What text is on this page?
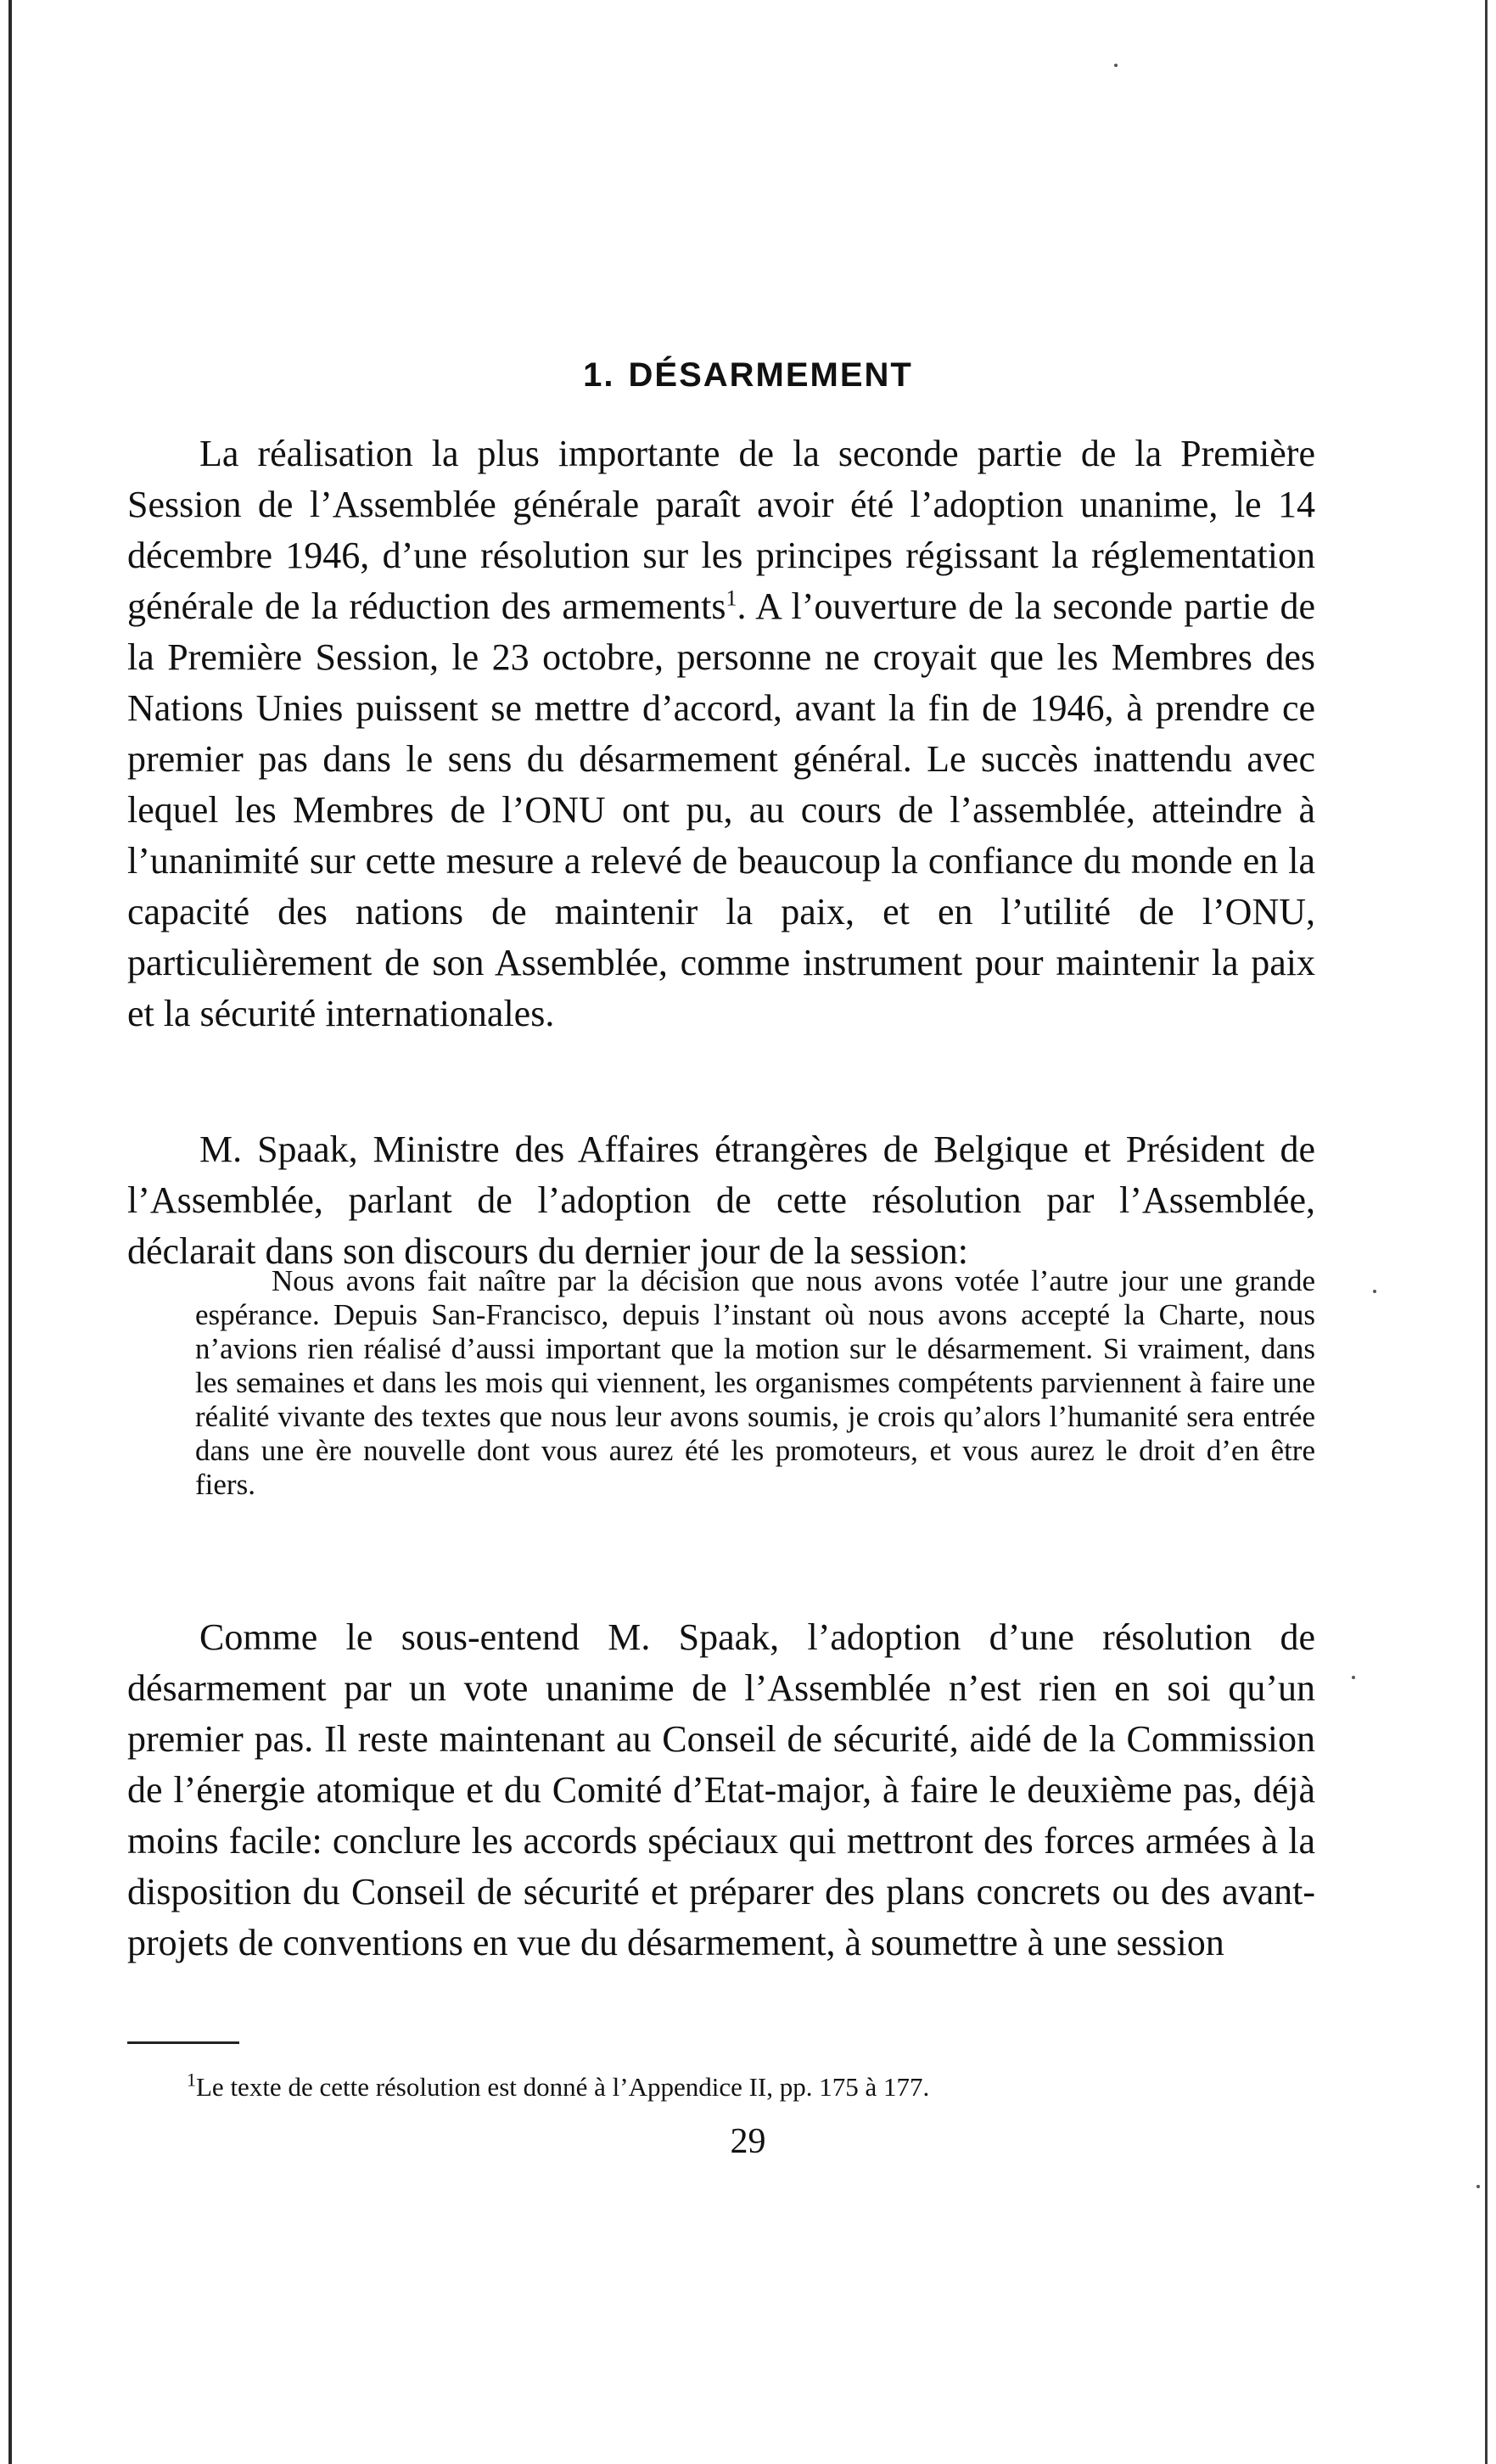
1. DÉSARMEMENT

La réalisation la plus importante de la seconde partie de la Première Session de l’Assemblée générale paraît avoir été l’adoption unanime, le 14 décembre 1946, d’une résolution sur les principes régissant la réglementation générale de la réduction des armements$^1$. A l’ouverture de la seconde partie de la Première Session, le 23 octobre, personne ne croyait que les Membres des Nations Unies puissent se mettre d’accord, avant la fin de 1946, à prendre ce premier pas dans le sens du désarmement général. Le succès inattendu avec lequel les Membres de l’ONU ont pu, au cours de l’assemblée, atteindre à l’unanimité sur cette mesure a relevé de beaucoup la confiance du monde en la capacité des nations de maintenir la paix, et en l’utilité de l’ONU, particulièrement de son Assemblée, comme instrument pour maintenir la paix et la sécurité internationales.

M. Spaak, Ministre des Affaires étrangères de Belgique et Président de l’Assemblée, parlant de l’adoption de cette résolution par l’Assemblée, déclarait dans son discours du dernier jour de la session:

Nous avons fait naître par la décision que nous avons votée l’autre jour une grande espérance. Depuis San-Francisco, depuis l’instant où nous avons accepté la Charte, nous n’avions rien réalisé d’aussi important que la motion sur le désarmement. Si vraiment, dans les semaines et dans les mois qui viennent, les organismes compétents parviennent à faire une réalité vivante des textes que nous leur avons soumis, je crois qu’alors l’humanité sera entrée dans une ère nouvelle dont vous aurez été les promoteurs, et vous aurez le droit d’en être fiers.

Comme le sous-entend M. Spaak, l’adoption d’une résolution de désarmement par un vote unanime de l’Assemblée n’est rien en soi qu’un premier pas. Il reste maintenant au Conseil de sécurité, aidé de la Commission de l’énergie atomique et du Comité d’Etat-major, à faire le deuxième pas, déjà moins facile: conclure les accords spéciaux qui mettront des forces armées à la disposition du Conseil de sécurité et préparer des plans concrets ou des avant-projets de conventions en vue du désarmement, à soumettre à une session

$^1$Le texte de cette résolution est donné à l’Appendice II, pp. 175 à 177.

29
